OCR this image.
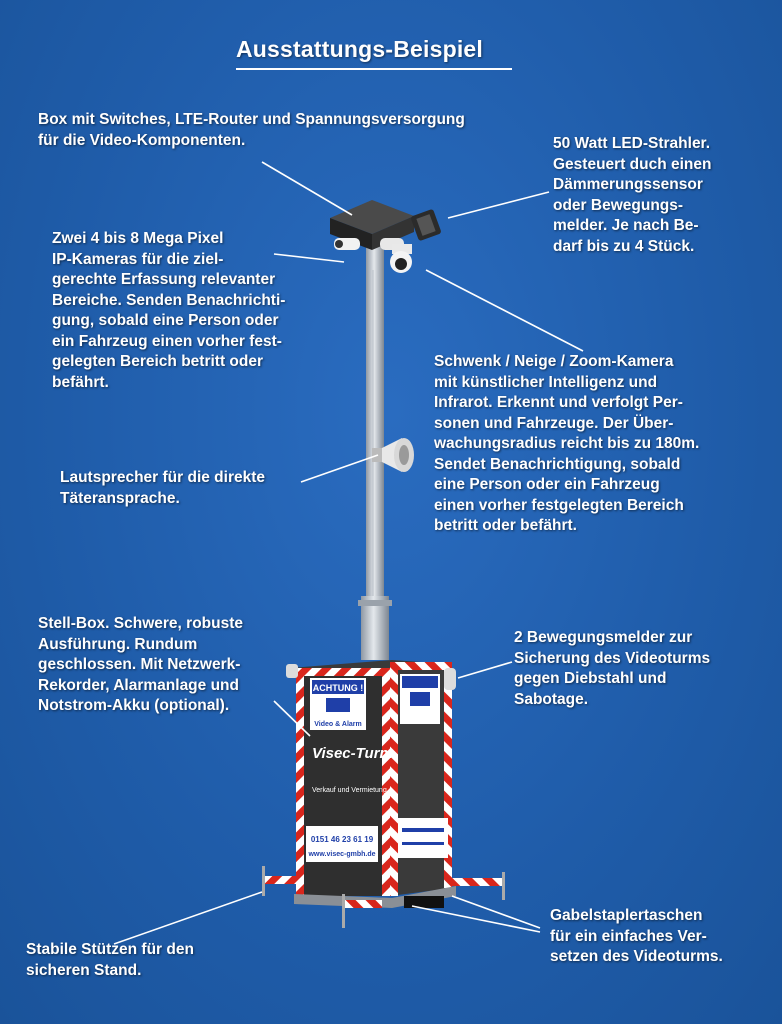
Ausstattungs-Beispiel
ACHTUNG !
Video & Alarm
Visec-Turm
Verkauf und Vermietung
0151 46 23 61 19
www.visec-gmbh.de
Box mit Switches, LTE-Router und Spannungsversorgung
für die Video-Komponenten.	50 Watt LED-Strahler.
Gesteuert duch einen
Dämmerungssensor
oder Bewegungs-
melder. Je nach Be-
darf bis zu 4 Stück.
Zwei 4 bis 8 Mega Pixel
IP-Kameras für die ziel-
gerechte Erfassung relevanter
Bereiche. Senden Benachrichti-
gung, sobald eine Person oder
ein Fahrzeug einen vorher fest-
gelegten Bereich betritt oder
befährt.
Schwenk / Neige / Zoom-Kamera
mit künstlicher Intelligenz und
Infrarot. Erkennt und verfolgt Per-
sonen und Fahrzeuge. Der Über-
wachungsradius reicht bis zu 180m.
Sendet Benachrichtigung, sobald
eine Person oder ein Fahrzeug
einen vorher festgelegten Bereich
betritt oder befährt.
Lautsprecher für die direkte
Täteransprache.
Stell-Box. Schwere, robuste
Ausführung. Rundum
geschlossen. Mit Netzwerk-
Rekorder, Alarmanlage und
Notstrom-Akku (optional).
2 Bewegungsmelder zur
Sicherung des Videoturms
gegen Diebstahl und
Sabotage.
Stabile Stützen für den
sicheren Stand.
Gabelstaplertaschen
für ein einfaches Ver-
setzen des Videoturms.
